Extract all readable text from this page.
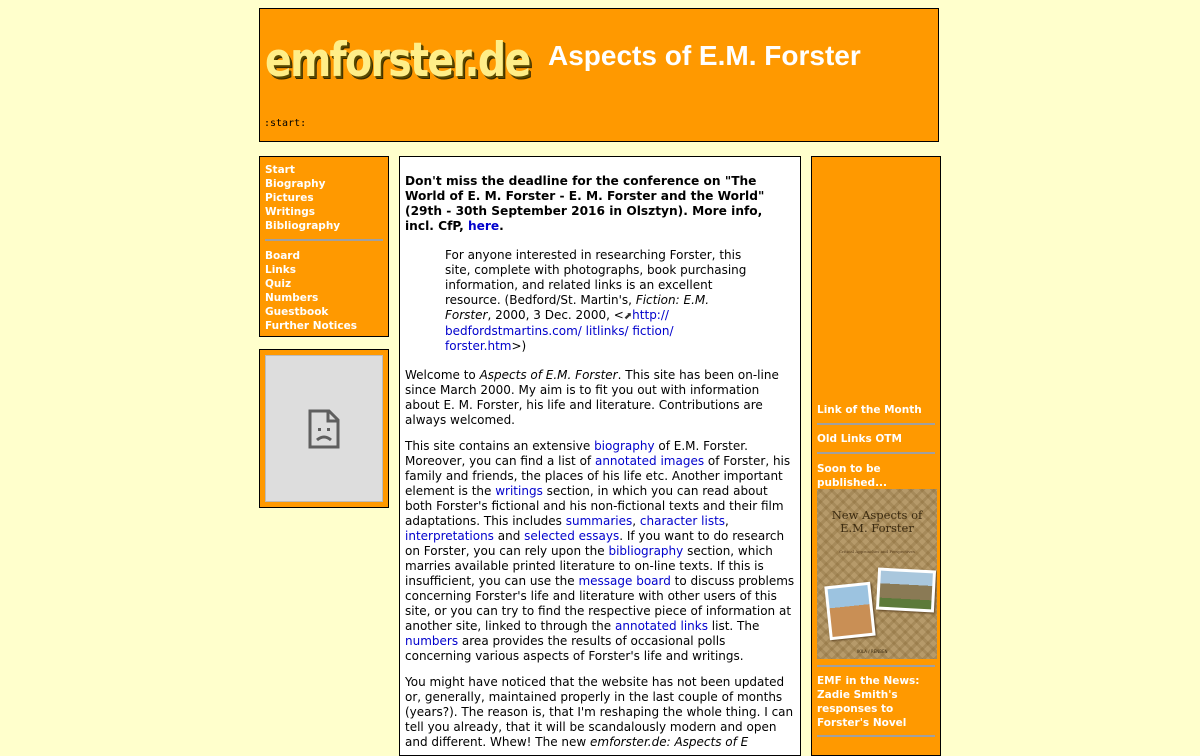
emforster.de Aspects of E.M. Forster
:start:
Start
Biography
Pictures
Writings
Bibliography
Board
Links
Quiz
Numbers
Guestbook
Further Notices
Don't miss the deadline for the conference on "The World of E. M. Forster - E. M. Forster and the World" (29th - 30th September 2016 in Olsztyn). More info, incl. CfP, here.
For anyone interested in researching Forster, this site, complete with photographs, book purchasing information, and related links is an excellent resource. (Bedford/St. Martin's, Fiction: E.M. Forster, 2000, 3 Dec. 2000, <⬈http:// bedfordstmartins.com/ litlinks/ fiction/ forster.htm>)

Welcome to Aspects of E.M. Forster. This site has been on-line since March 2000. My aim is to fit you out with information about E. M. Forster, his life and literature. Contributions are always welcomed.

This site contains an extensive biography of E.M. Forster. Moreover, you can find a list of annotated images of Forster, his family and friends, the places of his life etc. Another important element is the writings section, in which you can read about both Forster's fictional and his non-fictional texts and their film adaptations. This includes summaries, character lists, interpretations and selected essays. If you want to do research on Forster, you can rely upon the bibliography section, which marries available printed literature to on-line texts. If this is insufficient, you can use the message board to discuss problems concerning Forster's life and literature with other users of this site, or you can try to find the respective piece of information at another site, linked to through the annotated links list. The numbers area provides the results of occasional polls concerning various aspects of Forster's life and writings.

You might have noticed that the website has not been updated or, generally, maintained properly in the last couple of months (years?). The reason is, that I'm reshaping the whole thing. I can tell you already, that it will be scandalously modern and open and different. Whew! The new emforster.de: Aspects of E

Link of the Month
Old Links OTM
Soon to be published...
New Aspects of E.M. Forster
Critical Approaches and Perspectives
IKILA / RENBEN
EMF in the News: Zadie Smith's responses to Forster's Novel
